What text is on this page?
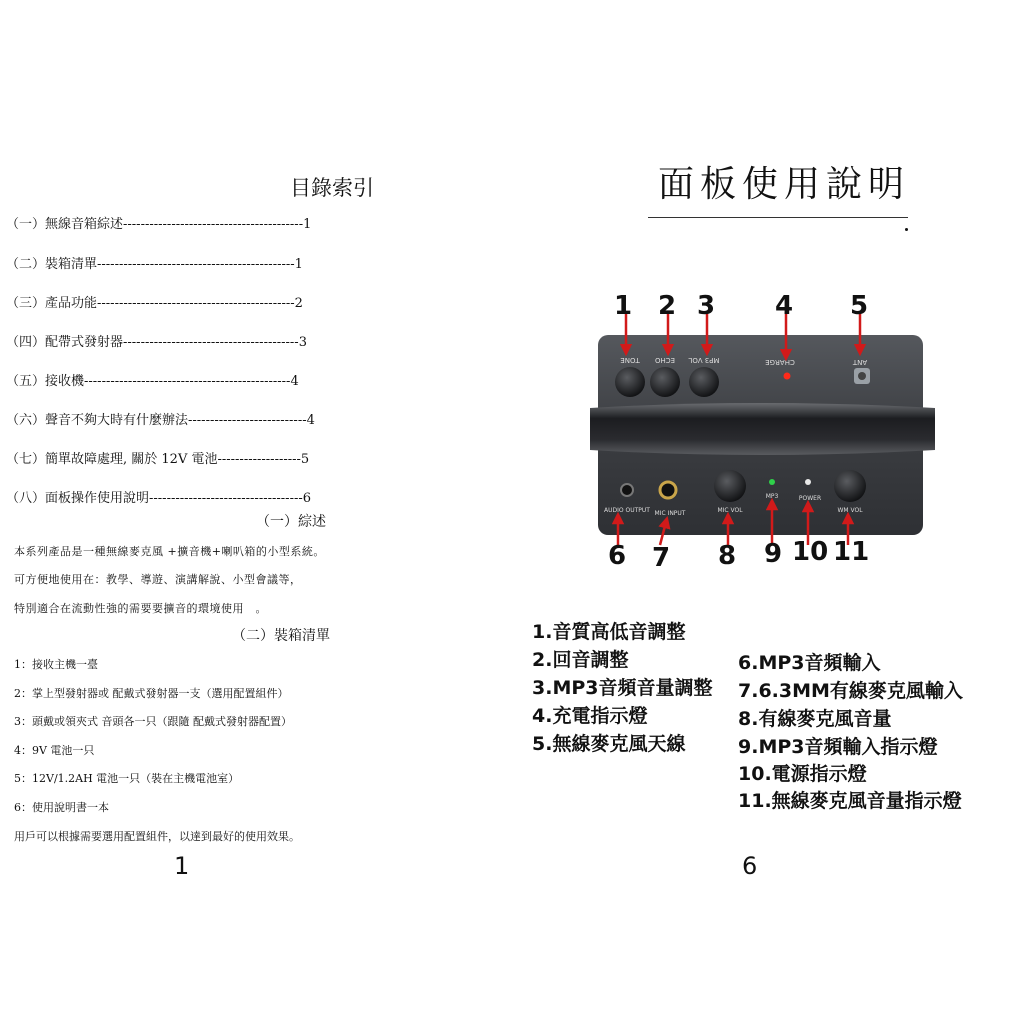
目錄索引
（一）無線音箱綜述-----------------------------------------1
（二）裝箱清單---------------------------------------------1
（三）產品功能---------------------------------------------2
（四）配帶式發射器----------------------------------------3
（五）接收機-----------------------------------------------4
（六）聲音不夠大時有什麼辦法---------------------------4
（七）簡單故障處理, 關於 12V 電池-------------------5
（八）面板操作使用說明-----------------------------------6
（一）綜述
本系列產品是一種無線麥克風 +擴音機+喇叭箱的小型系統。
可方便地使用在：教學、導遊、演講解說、小型會議等，
特別適合在流動性強的需要要擴音的環境使用　。
（二）裝箱清單
1：接收主機一臺
2：掌上型發射器或 配戴式發射器一支（選用配置組件）
3：頭戴或領夾式 音頭各一只（跟隨 配戴式發射器配置）
4：9V 電池一只
5：12V/1.2AH 電池一只（裝在主機電池室）
6：使用說明書一本
用戶可以根據需要選用配置組件，以達到最好的使用效果。
1
面板使用說明
TONE ECHO MP3 VOL	CHARGE	ANT
AUDIO OUTPUT MIC INPUT	MIC VOL
MP3	POWER
WM VOL
1 2 3 4 5
6 7 8 9 10 11
1.音質高低音調整
2.回音調整
3.MP3音頻音量調整
4.充電指示燈
5.無線麥克風天線
6.MP3音頻輸入
7.6.3MM有線麥克風輸入
8.有線麥克風音量
9.MP3音頻輸入指示燈
10.電源指示燈
11.無線麥克風音量指示燈
6
